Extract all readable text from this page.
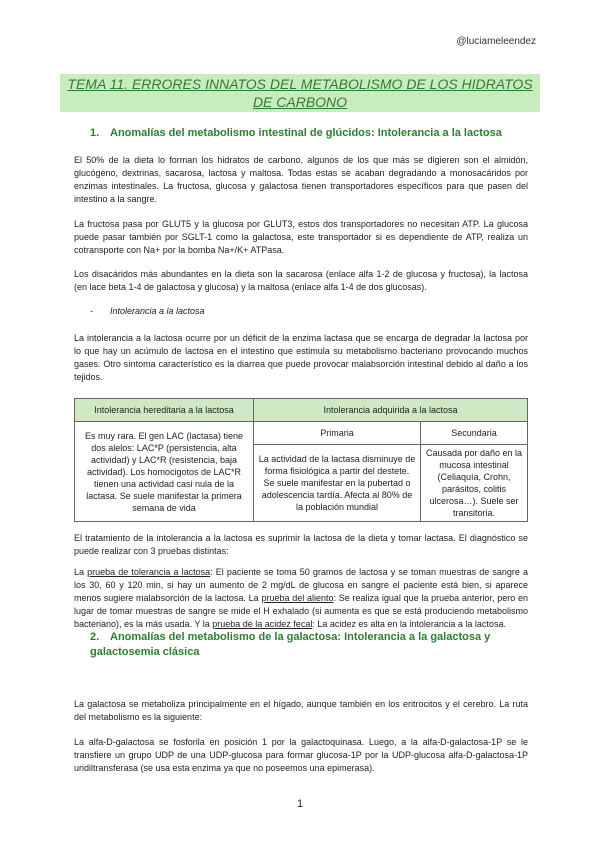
@luciameleendez
TEMA 11. ERRORES INNATOS DEL METABOLISMO DE LOS HIDRATOS
DE CARBONO
1. Anomalías del metabolismo intestinal de glúcidos: Intolerancia a la lactosa
El 50% de la dieta lo forman los hidratos de carbono, algunos de los que más se digieren son el almidón, glucógeno, dextrinas, sacarosa, lactosa y maltosa. Todas estas se acaban degradando a monosacáridos por enzimas intestinales. La fructosa, glucosa y galactosa tienen transportadores específicos para que pasen del intestino a la sangre.
La fructosa pasa por GLUT5 y la glucosa por GLUT3, estos dos transportadores no necesitan ATP. La glucosa puede pasar también por SGLT-1 como la galactosa, este transportador si es dependiente de ATP, realiza un cotransporte con Na+ por la bomba Na+/K+ ATPasa.
Los disacáridos más abundantes en la dieta son la sacarosa (enlace alfa 1-2 de glucosa y fructosa), la lactosa (en lace beta 1-4 de galactosa y glucosa) y la maltosa (enlace alfa 1-4 de dos glucosas).
- Intolerancia a la lactosa
La intolerancia a la lactosa ocurre por un déficit de la enzima lactasa que se encarga de degradar la lactosa por lo que hay un acúmulo de lactosa en el intestino que estimula su metabolismo bacteriano provocando muchos gases. Otro síntoma característico es la diarrea que puede provocar malabsorción intestinal debido al daño a los tejidos.
Intolerancia hereditaria a la lactosa	Intolerancia adquirida a la lactosa	
Es muy rara. El gen LAC (lactasa) tiene dos alelos: LAC*P (persistencia, alta actividad) y LAC*R (resistencia, baja actividad). Los homocigotos de LAC*R tienen una actividad casi nula de la lactasa. Se suele manifestar la primera semana de vida	Primaria	Secundaria
	La actividad de la lactasa disminuye de forma fisiológica a partir del destete. Se suele manifestar en la pubertad o adolescencia tardía. Afecta al 80% de la población mundial	Causada por daño en la mucosa intestinal (Celiaquía, Crohn, parásitos, colitis ulcerosa…). Suele ser transitoria.
El tratamiento de la intolerancia a la lactosa es suprimir la lactosa de la dieta y tomar lactasa. El diagnóstico se puede realizar con 3 pruebas distintas:
La prueba de tolerancia a lactosa: El paciente se toma 50 gramos de lactosa y se toman muestras de sangre a los 30, 60 y 120 min, si hay un aumento de 2 mg/dL de glucosa en sangre el paciente está bien, si aparece menos sugiere malabsorción de la lactosa. La prueba del aliento: Se realiza igual que la prueba anterior, pero en lugar de tomar muestras de sangre se mide el H exhalado (si aumenta es que se está produciendo metabolismo bacteriano), es la más usada. Y la prueba de la acidez fecal: La acidez es alta en la intolerancia a la lactosa.
2. Anomalías del metabolismo de la galactosa: Intolerancia a la galactosa y galactosemia clásica
La galactosa se metaboliza principalmente en el hígado, aunque también en los eritrocitos y el cerebro. La ruta del metabolismo es la siguiente:
La alfa-D-galactosa se fosforila en posición 1 por la galactoquinasa. Luego, a la alfa-D-galactosa-1P se le transfiere un grupo UDP de una UDP-glucosa para formar glucosa-1P por la UDP-glucosa alfa-D-galactosa-1P uridiltransferasa (se usa esta enzima ya que no poseemos una epimerasa).
1
